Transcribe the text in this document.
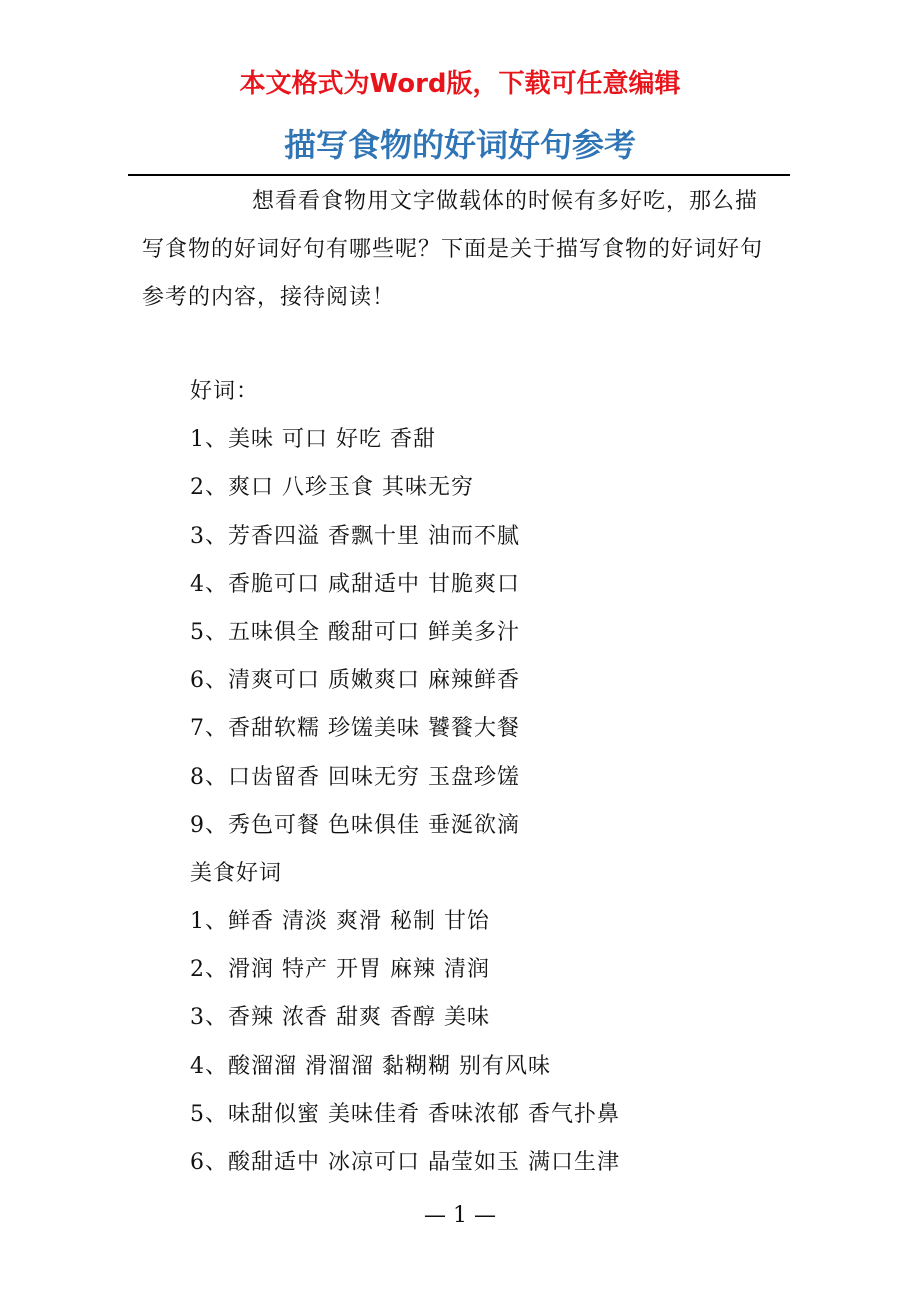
本文格式为Word版，下载可任意编辑
描写食物的好词好句参考

想看看食物用文字做载体的时候有多好吃，那么描写食物的好词好句有哪些呢？下面是关于描写食物的好词好句参考的内容，接待阅读！

好词：
1、美味 可口 好吃 香甜
2、爽口 八珍玉食 其味无穷
3、芳香四溢 香飘十里 油而不腻
4、香脆可口 咸甜适中 甘脆爽口
5、五味俱全 酸甜可口 鲜美多汁
6、清爽可口 质嫩爽口 麻辣鲜香
7、香甜软糯 珍馐美味 饕餮大餐
8、口齿留香 回味无穷 玉盘珍馐
9、秀色可餐 色味俱佳 垂涎欲滴
美食好词
1、鲜香 清淡 爽滑 秘制 甘饴
2、滑润 特产 开胃 麻辣 清润
3、香辣 浓香 甜爽 香醇 美味
4、酸溜溜 滑溜溜 黏糊糊 别有风味
5、味甜似蜜 美味佳肴 香味浓郁 香气扑鼻
6、酸甜适中 冰凉可口 晶莹如玉 满口生津
— 1 —
